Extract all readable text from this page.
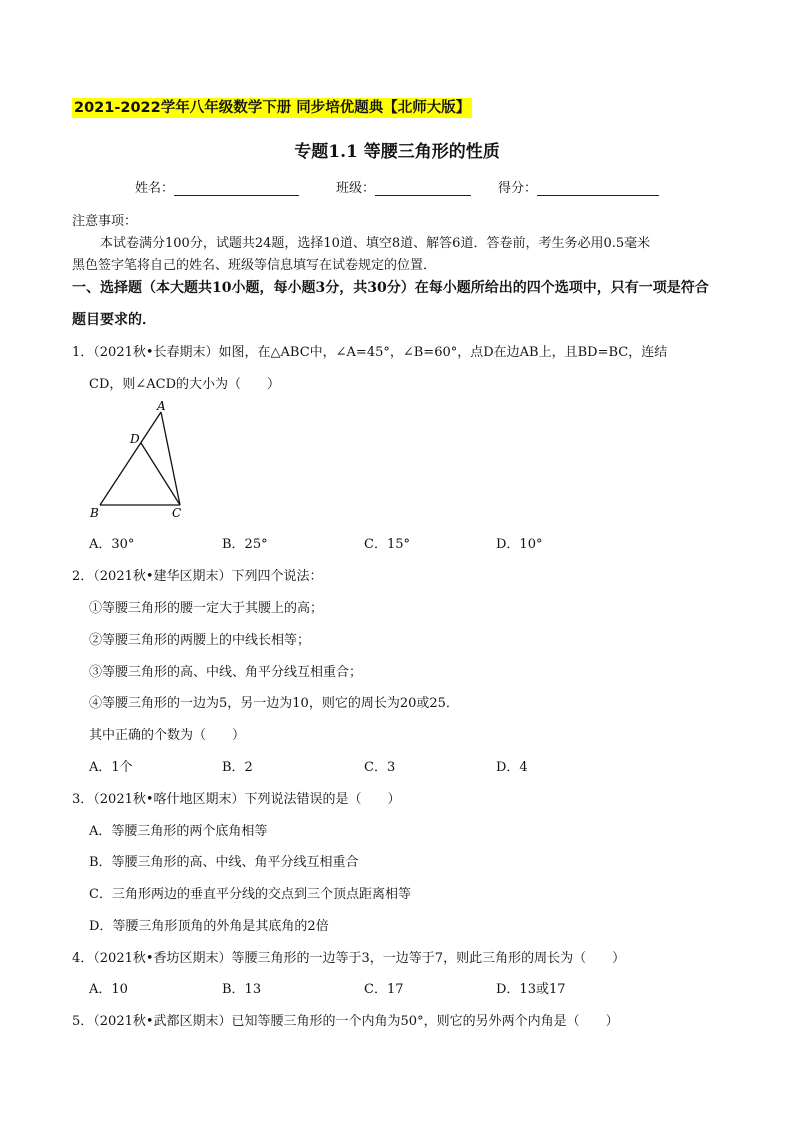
2021-2022学年八年级数学下册 同步培优题典【北师大版】
专题1.1 等腰三角形的性质
姓名：	班级：	得分：
注意事项：
本试卷满分100分，试题共24题，选择10道、填空8道、解答6道．答卷前，考生务必用0.5毫米
黑色签字笔将自己的姓名、班级等信息填写在试卷规定的位置．
一、选择题（本大题共10小题，每小题3分，共30分）在每小题所给出的四个选项中，只有一项是符合
题目要求的．
1．（2021秋•长春期末）如图，在△ABC中，∠A=45°，∠B=60°，点D在边AB上，且BD=BC，连结
CD，则∠ACD的大小为（　　）
A
D
B	C
A．30°	B．25°	C．15°	D．10°
2．（2021秋•建华区期末）下列四个说法：
①等腰三角形的腰一定大于其腰上的高；
②等腰三角形的两腰上的中线长相等；
③等腰三角形的高、中线、角平分线互相重合；
④等腰三角形的一边为5，另一边为10，则它的周长为20或25．
其中正确的个数为（　　）
A．1个	B．2	C．3	D．4
3．（2021秋•喀什地区期末）下列说法错误的是（　　）
A．等腰三角形的两个底角相等
B．等腰三角形的高、中线、角平分线互相重合
C．三角形两边的垂直平分线的交点到三个顶点距离相等
D．等腰三角形顶角的外角是其底角的2倍
4．（2021秋•香坊区期末）等腰三角形的一边等于3，一边等于7，则此三角形的周长为（　　）
A．10	B．13	C．17	D．13或17
5．（2021秋•武都区期末）已知等腰三角形的一个内角为50°，则它的另外两个内角是（　　）
